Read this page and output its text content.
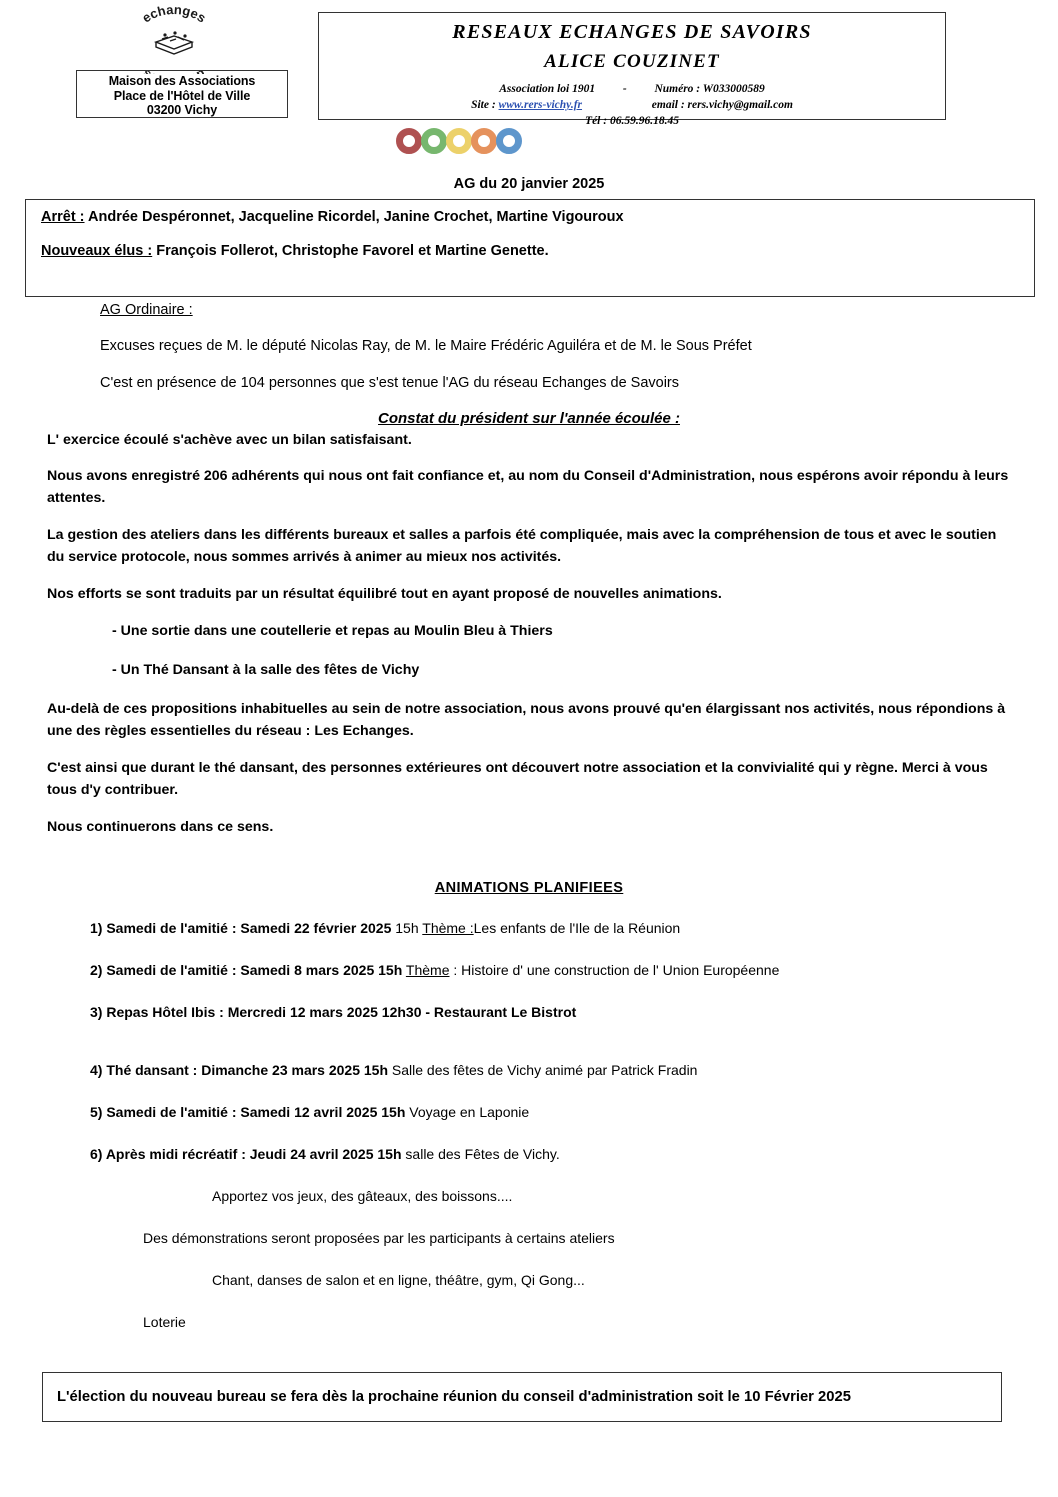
echanges
Maison des Associations
Place de l'Hôtel de Ville
03200 Vichy
RESEAUX ECHANGES DE SAVOIRS
ALICE COUZINET
Association loi 1901 - Numéro : W033000589
Site : www.rers-vichy.fr	email : rers.vichy@gmail.com
Tél : 06.59.96.18.45
AG du 20 janvier 2025
Arrêt : Andrée Despéronnet, Jacqueline Ricordel, Janine Crochet, Martine Vigouroux
Nouveaux élus : François Follerot, Christophe Favorel et Martine Genette.
AG Ordinaire :
Excuses reçues de M. le député Nicolas Ray, de M. le Maire Frédéric Aguiléra et de M. le Sous Préfet
C'est en présence de 104 personnes que s'est tenue l'AG du réseau Echanges de Savoirs
Constat du président sur l'année écoulée :
L' exercice écoulé s'achève avec un bilan satisfaisant.
Nous avons enregistré 206 adhérents qui nous ont fait confiance et, au nom du Conseil d'Administration, nous espérons avoir répondu à leurs attentes.
La gestion des ateliers dans les différents bureaux et salles a parfois été compliquée, mais avec la compréhension de tous et avec le soutien du service protocole, nous sommes arrivés à animer au mieux nos activités.
Nos efforts se sont traduits par un résultat équilibré tout en ayant proposé de nouvelles animations.
- Une sortie dans une coutellerie et repas au Moulin Bleu à Thiers
- Un Thé Dansant à la salle des fêtes de Vichy
Au-delà de ces propositions inhabituelles au sein de notre association, nous avons prouvé qu'en élargissant nos activités, nous répondions à une des règles essentielles du réseau : Les Echanges.
C'est ainsi que durant le thé dansant, des personnes extérieures ont découvert notre association et la convivialité qui y règne. Merci à vous tous d'y contribuer.
Nous continuerons dans ce sens.
ANIMATIONS PLANIFIEES
1) Samedi de l'amitié : Samedi 22 février 2025 15h Thème :Les enfants de l'Ile de la Réunion
2) Samedi de l'amitié : Samedi 8 mars 2025 15h Thème : Histoire d' une construction de l' Union Européenne
3) Repas Hôtel Ibis : Mercredi 12 mars 2025 12h30 - Restaurant Le Bistrot
4) Thé dansant : Dimanche 23 mars 2025 15h Salle des fêtes de Vichy animé par Patrick Fradin
5) Samedi de l'amitié : Samedi 12 avril 2025 15h Voyage en Laponie
6) Après midi récréatif : Jeudi 24 avril 2025 15h salle des Fêtes de Vichy.
Apportez vos jeux, des gâteaux, des boissons....
Des démonstrations seront proposées par les participants à certains ateliers
Chant, danses de salon et en ligne, théâtre, gym, Qi Gong...
Loterie
L'élection du nouveau bureau se fera dès la prochaine réunion du conseil d'administration soit le 10 Février 2025
